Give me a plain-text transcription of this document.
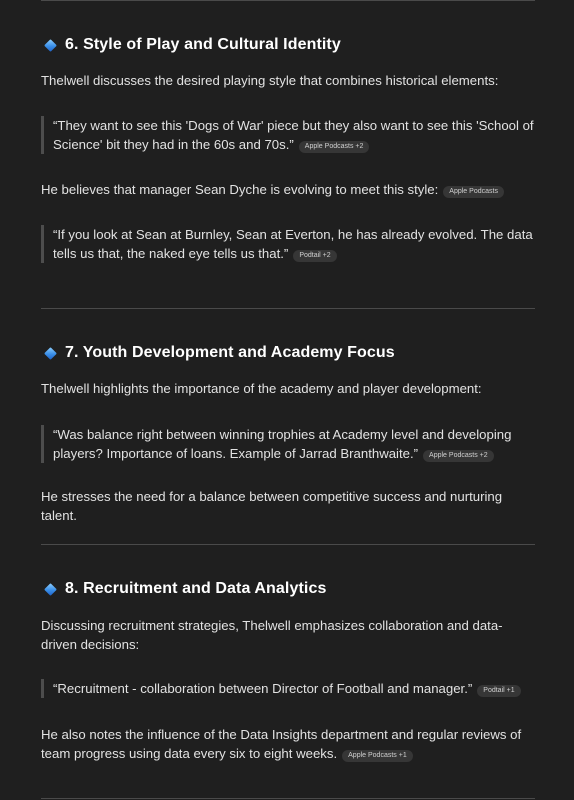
6. Style of Play and Cultural Identity

Thelwell discusses the desired playing style that combines historical elements:

“They want to see this 'Dogs of War' piece but they also want to see this 'School of Science' bit they had in the 60s and 70s.” Apple Podcasts +2

He believes that manager Sean Dyche is evolving to meet this style: Apple Podcasts

“If you look at Sean at Burnley, Sean at Everton, he has already evolved. The data tells us that, the naked eye tells us that.” Podtail +2
7. Youth Development and Academy Focus

Thelwell highlights the importance of the academy and player development:

“Was balance right between winning trophies at Academy level and developing players? Importance of loans. Example of Jarrad Branthwaite.” Apple Podcasts +2

He stresses the need for a balance between competitive success and nurturing talent.

8. Recruitment and Data Analytics

Discussing recruitment strategies, Thelwell emphasizes collaboration and data-driven decisions:

“Recruitment - collaboration between Director of Football and manager.” Podtail +1

He also notes the influence of the Data Insights department and regular reviews of team progress using data every six to eight weeks. Apple Podcasts +1
